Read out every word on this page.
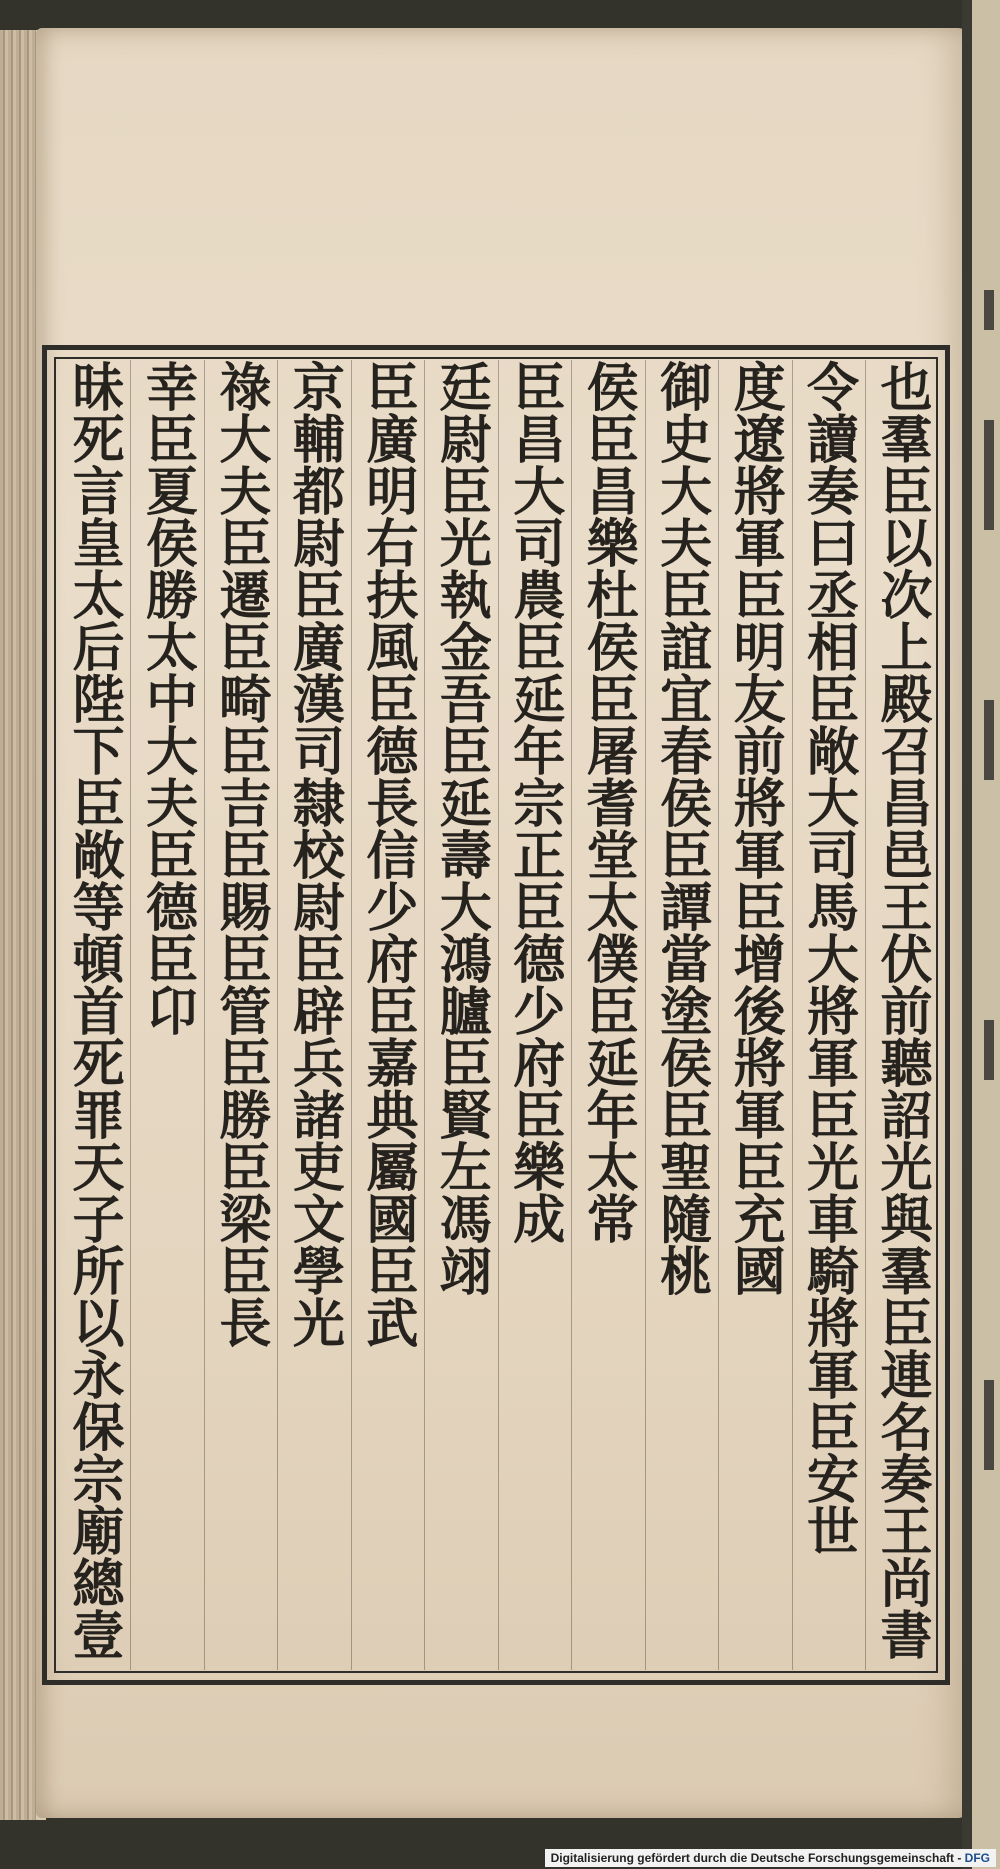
也羣臣以次上殿召昌邑王伏前聽詔光與羣臣連名奏王尚書
令讀奏曰丞相臣敞大司馬大將軍臣光車騎將軍臣安世
度遼將軍臣明友前將軍臣增後將軍臣充國
御史大夫臣誼宜春侯臣譚當塗侯臣聖隨桃
侯臣昌樂杜侯臣屠耆堂太僕臣延年太常
臣昌大司農臣延年宗正臣德少府臣樂成
廷尉臣光執金吾臣延壽大鴻臚臣賢左馮翊
臣廣明右扶風臣德長信少府臣嘉典屬國臣武
京輔都尉臣廣漢司隸校尉臣辟兵諸吏文學光
祿大夫臣遷臣畸臣吉臣賜臣管臣勝臣梁臣長
幸臣夏侯勝太中大夫臣德臣卬
昧死言皇太后陛下臣敞等頓首死罪天子所以永保宗廟總壹
Digitalisierung gefördert durch die Deutsche Forschungsgemeinschaft - DFG
